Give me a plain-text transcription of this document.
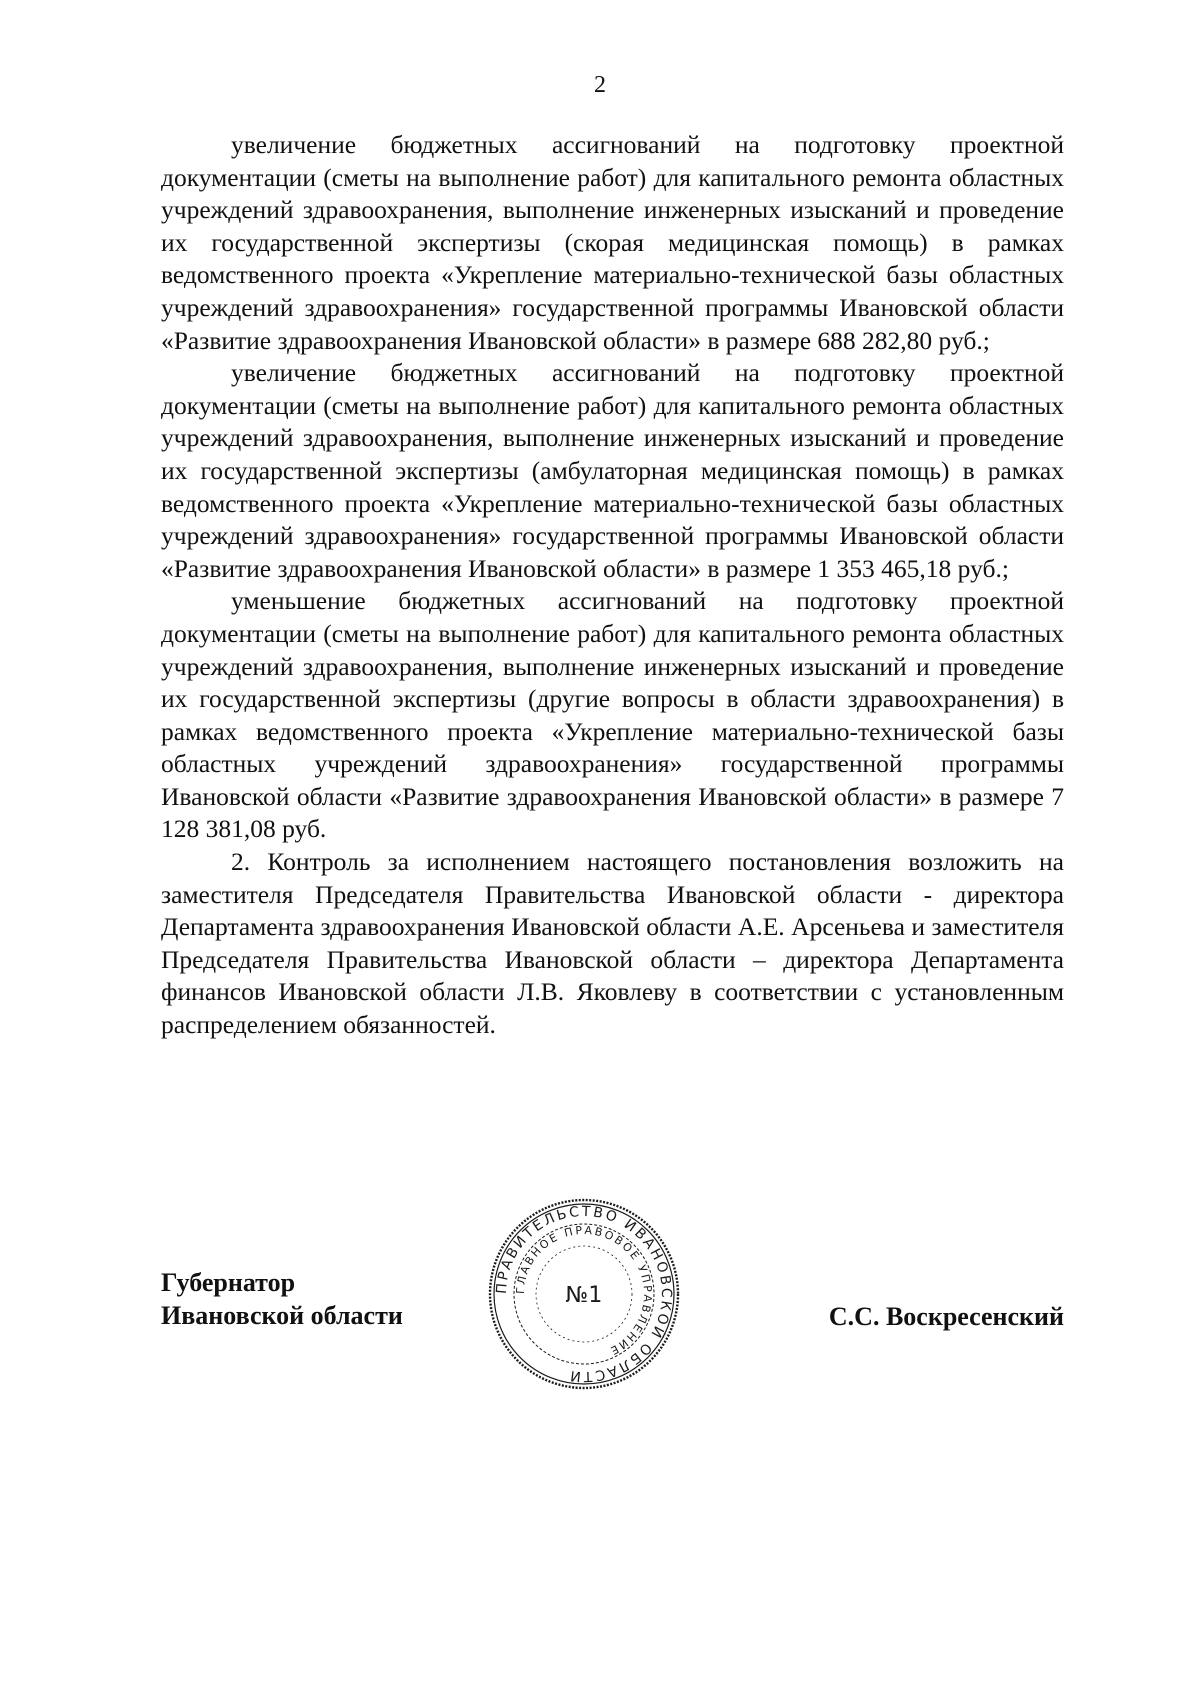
2

увеличение бюджетных ассигнований на подготовку проектной документации (сметы на выполнение работ) для капитального ремонта областных учреждений здравоохранения, выполнение инженерных изысканий и проведение их государственной экспертизы (скорая медицинская помощь) в рамках ведомственного проекта «Укрепление материально-технической базы областных учреждений здравоохранения» государственной программы Ивановской области «Развитие здравоохранения Ивановской области» в размере 688 282,80 руб.;

увеличение бюджетных ассигнований на подготовку проектной документации (сметы на выполнение работ) для капитального ремонта областных учреждений здравоохранения, выполнение инженерных изысканий и проведение их государственной экспертизы (амбулаторная медицинская помощь) в рамках ведомственного проекта «Укрепление материально-технической базы областных учреждений здравоохранения» государственной программы Ивановской области «Развитие здравоохранения Ивановской области» в размере 1 353 465,18 руб.;

уменьшение бюджетных ассигнований на подготовку проектной документации (сметы на выполнение работ) для капитального ремонта областных учреждений здравоохранения, выполнение инженерных изысканий и проведение их государственной экспертизы (другие вопросы в области здравоохранения) в рамках ведомственного проекта «Укрепление материально-технической базы областных учреждений здравоохранения» государственной программы Ивановской области «Развитие здравоохранения Ивановской области» в размере 7 128 381,08 руб.

2. Контроль за исполнением настоящего постановления возложить на заместителя Председателя Правительства Ивановской области - директора Департамента здравоохранения Ивановской области А.Е. Арсеньева и заместителя Председателя Правительства Ивановской области – директора Департамента финансов Ивановской области Л.В. Яковлеву в соответствии с установленным распределением обязанностей.

Губернатор
Ивановской области
ПРАВИТЕЛЬСТВО ИВАНОВСКОЙ ОБЛАСТИ
ГЛАВНОЕ ПРАВОВОЕ УПРАВЛЕНИЕ
№1
С.С. Воскресенский
